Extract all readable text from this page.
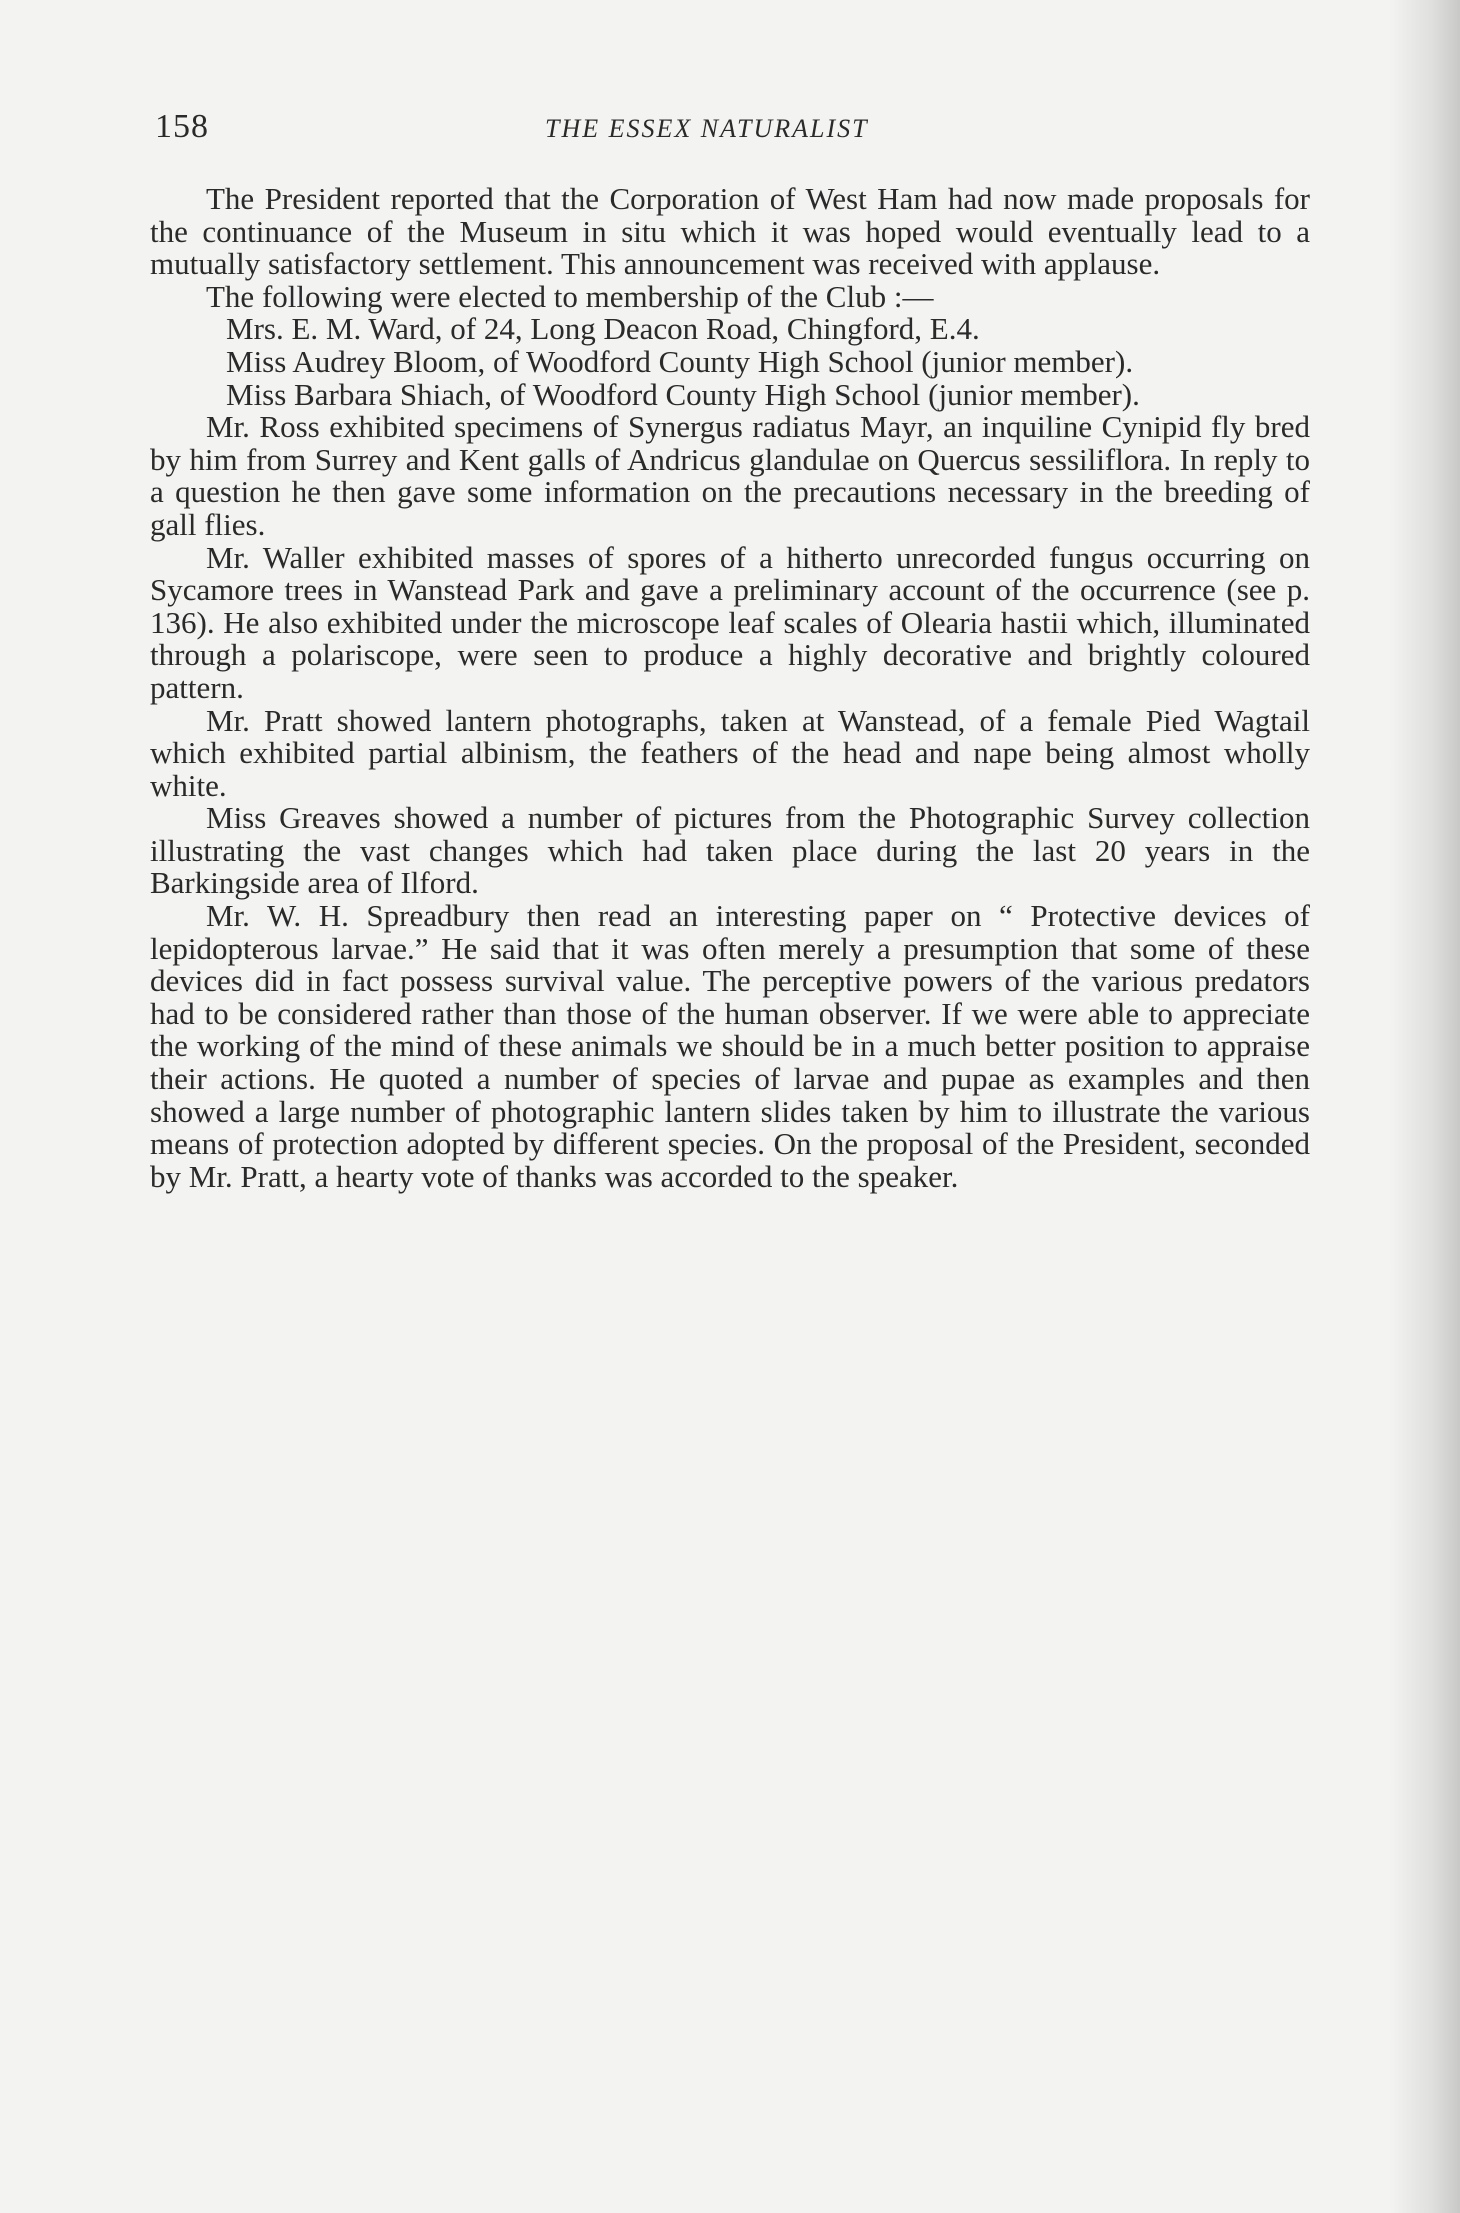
158	THE ESSEX NATURALIST

The President reported that the Corporation of West Ham had now made proposals for the continuance of the Museum in situ which it was hoped would eventually lead to a mutually satisfactory settlement. This announcement was received with applause.

The following were elected to membership of the Club :—

Mrs. E. M. Ward, of 24, Long Deacon Road, Chingford, E.4.

Miss Audrey Bloom, of Woodford County High School (junior member).

Miss Barbara Shiach, of Woodford County High School (junior member).

Mr. Ross exhibited specimens of Synergus radiatus Mayr, an inquiline Cynipid fly bred by him from Surrey and Kent galls of Andricus glandulae on Quercus sessiliflora. In reply to a question he then gave some information on the precautions necessary in the breeding of gall flies.

Mr. Waller exhibited masses of spores of a hitherto unrecorded fungus occurring on Sycamore trees in Wanstead Park and gave a preliminary account of the occurrence (see p. 136). He also exhibited under the microscope leaf scales of Olearia hastii which, illuminated through a polariscope, were seen to produce a highly decorative and brightly coloured pattern.

Mr. Pratt showed lantern photographs, taken at Wanstead, of a female Pied Wagtail which exhibited partial albinism, the feathers of the head and nape being almost wholly white.

Miss Greaves showed a number of pictures from the Photographic Survey collection illustrating the vast changes which had taken place during the last 20 years in the Barkingside area of Ilford.

Mr. W. H. Spreadbury then read an interesting paper on “ Protective devices of lepidopterous larvae.” He said that it was often merely a presumption that some of these devices did in fact possess survival value. The perceptive powers of the various predators had to be considered rather than those of the human observer. If we were able to appreciate the working of the mind of these animals we should be in a much better position to appraise their actions. He quoted a number of species of larvae and pupae as examples and then showed a large number of photographic lantern slides taken by him to illustrate the various means of protection adopted by different species. On the proposal of the President, seconded by Mr. Pratt, a hearty vote of thanks was accorded to the speaker.
